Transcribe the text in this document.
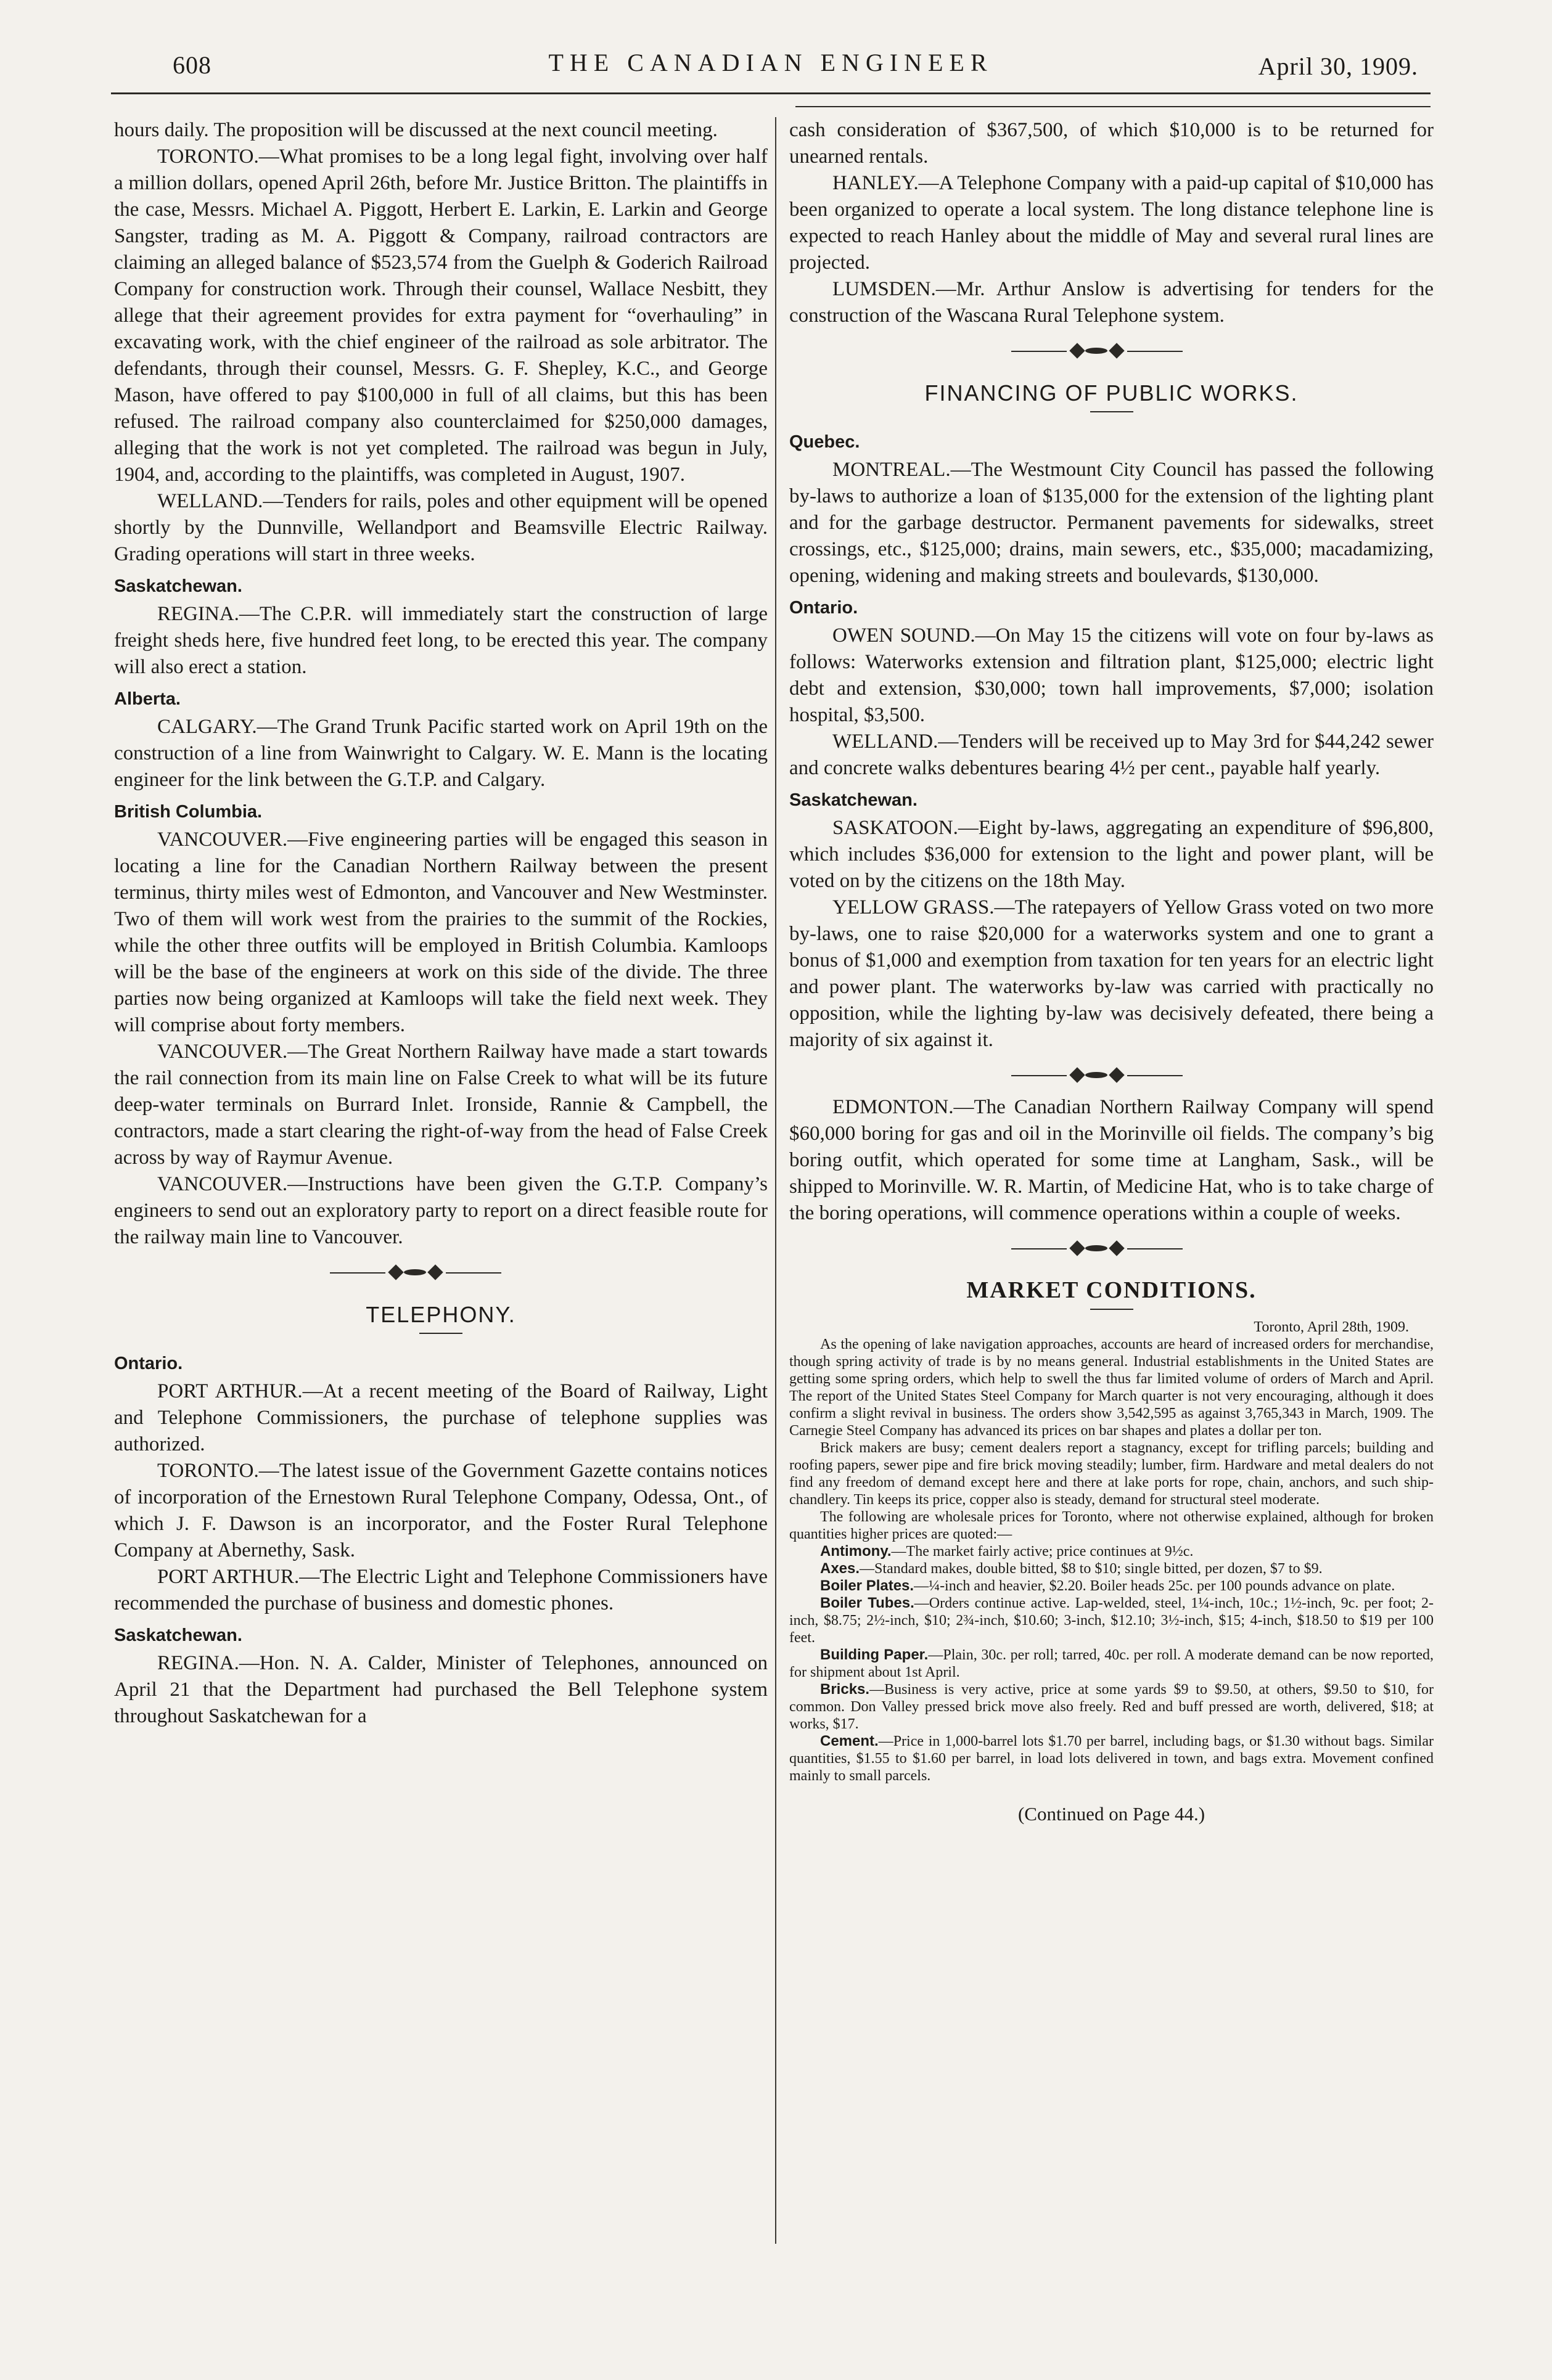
608	THE CANADIAN ENGINEER	April 30, 1909.

hours daily. The proposition will be discussed at the next council meeting.

TORONTO.—What promises to be a long legal fight, involving over half a million dollars, opened April 26th, before Mr. Justice Britton. The plaintiffs in the case, Messrs. Michael A. Piggott, Herbert E. Larkin, E. Larkin and George Sangster, trading as M. A. Piggott & Company, railroad contractors are claiming an alleged balance of $523,574 from the Guelph & Goderich Railroad Company for construction work. Through their counsel, Wallace Nesbitt, they allege that their agreement provides for extra payment for “overhauling” in excavating work, with the chief engineer of the railroad as sole arbitrator. The defendants, through their counsel, Messrs. G. F. Shepley, K.C., and George Mason, have offered to pay $100,000 in full of all claims, but this has been refused. The railroad company also counterclaimed for $250,000 damages, alleging that the work is not yet completed. The railroad was begun in July, 1904, and, according to the plaintiffs, was completed in August, 1907.

WELLAND.—Tenders for rails, poles and other equipment will be opened shortly by the Dunnville, Wellandport and Beamsville Electric Railway. Grading operations will start in three weeks.

Saskatchewan.

REGINA.—The C.P.R. will immediately start the construction of large freight sheds here, five hundred feet long, to be erected this year. The company will also erect a station.

Alberta.

CALGARY.—The Grand Trunk Pacific started work on April 19th on the construction of a line from Wainwright to Calgary. W. E. Mann is the locating engineer for the link between the G.T.P. and Calgary.

British Columbia.

VANCOUVER.—Five engineering parties will be engaged this season in locating a line for the Canadian Northern Railway between the present terminus, thirty miles west of Edmonton, and Vancouver and New Westminster. Two of them will work west from the prairies to the summit of the Rockies, while the other three outfits will be employed in British Columbia. Kamloops will be the base of the engineers at work on this side of the divide. The three parties now being organized at Kamloops will take the field next week. They will comprise about forty members.

VANCOUVER.—The Great Northern Railway have made a start towards the rail connection from its main line on False Creek to what will be its future deep-water terminals on Burrard Inlet. Ironside, Rannie & Campbell, the contractors, made a start clearing the right-of-way from the head of False Creek across by way of Raymur Avenue.

VANCOUVER.—Instructions have been given the G.T.P. Company’s engineers to send out an exploratory party to report on a direct feasible route for the railway main line to Vancouver.

TELEPHONY.
Ontario.

PORT ARTHUR.—At a recent meeting of the Board of Railway, Light and Telephone Commissioners, the purchase of telephone supplies was authorized.

TORONTO.—The latest issue of the Government Gazette contains notices of incorporation of the Ernestown Rural Telephone Company, Odessa, Ont., of which J. F. Dawson is an incorporator, and the Foster Rural Telephone Company at Abernethy, Sask.

PORT ARTHUR.—The Electric Light and Telephone Commissioners have recommended the purchase of business and domestic phones.

Saskatchewan.

REGINA.—Hon. N. A. Calder, Minister of Telephones, announced on April 21 that the Department had purchased the Bell Telephone system throughout Saskatchewan for a

cash consideration of $367,500, of which $10,000 is to be returned for unearned rentals.

HANLEY.—A Telephone Company with a paid-up capital of $10,000 has been organized to operate a local system. The long distance telephone line is expected to reach Hanley about the middle of May and several rural lines are projected.

LUMSDEN.—Mr. Arthur Anslow is advertising for tenders for the construction of the Wascana Rural Telephone system.

FINANCING OF PUBLIC WORKS.
Quebec.

MONTREAL.—The Westmount City Council has passed the following by-laws to authorize a loan of $135,000 for the extension of the lighting plant and for the garbage destructor. Permanent pavements for sidewalks, street crossings, etc., $125,000; drains, main sewers, etc., $35,000; macadamizing, opening, widening and making streets and boulevards, $130,000.

Ontario.

OWEN SOUND.—On May 15 the citizens will vote on four by-laws as follows: Waterworks extension and filtration plant, $125,000; electric light debt and extension, $30,000; town hall improvements, $7,000; isolation hospital, $3,500.

WELLAND.—Tenders will be received up to May 3rd for $44,242 sewer and concrete walks debentures bearing 4½ per cent., payable half yearly.

Saskatchewan.

SASKATOON.—Eight by-laws, aggregating an expenditure of $96,800, which includes $36,000 for extension to the light and power plant, will be voted on by the citizens on the 18th May.

YELLOW GRASS.—The ratepayers of Yellow Grass voted on two more by-laws, one to raise $20,000 for a waterworks system and one to grant a bonus of $1,000 and exemption from taxation for ten years for an electric light and power plant. The waterworks by-law was carried with practically no opposition, while the lighting by-law was decisively defeated, there being a majority of six against it.

EDMONTON.—The Canadian Northern Railway Company will spend $60,000 boring for gas and oil in the Morinville oil fields. The company’s big boring outfit, which operated for some time at Langham, Sask., will be shipped to Morinville. W. R. Martin, of Medicine Hat, who is to take charge of the boring operations, will commence operations within a couple of weeks.

MARKET CONDITIONS.

Toronto, April 28th, 1909.

As the opening of lake navigation approaches, accounts are heard of increased orders for merchandise, though spring activity of trade is by no means general. Industrial establishments in the United States are getting some spring orders, which help to swell the thus far limited volume of orders of March and April. The report of the United States Steel Company for March quarter is not very encouraging, although it does confirm a slight revival in business. The orders show 3,542,595 as against 3,765,343 in March, 1909. The Carnegie Steel Company has advanced its prices on bar shapes and plates a dollar per ton.

Brick makers are busy; cement dealers report a stagnancy, except for trifling parcels; building and roofing papers, sewer pipe and fire brick moving steadily; lumber, firm. Hardware and metal dealers do not find any freedom of demand except here and there at lake ports for rope, chain, anchors, and such ship-chandlery. Tin keeps its price, copper also is steady, demand for structural steel moderate.

The following are wholesale prices for Toronto, where not otherwise explained, although for broken quantities higher prices are quoted:—

Antimony.—The market fairly active; price continues at 9½c.

Axes.—Standard makes, double bitted, $8 to $10; single bitted, per dozen, $7 to $9.

Boiler Plates.—¼-inch and heavier, $2.20. Boiler heads 25c. per 100 pounds advance on plate.

Boiler Tubes.—Orders continue active. Lap-welded, steel, 1¼-inch, 10c.; 1½-inch, 9c. per foot; 2-inch, $8.75; 2½-inch, $10; 2¾-inch, $10.60; 3-inch, $12.10; 3½-inch, $15; 4-inch, $18.50 to $19 per 100 feet.

Building Paper.—Plain, 30c. per roll; tarred, 40c. per roll. A moderate demand can be now reported, for shipment about 1st April.

Bricks.—Business is very active, price at some yards $9 to $9.50, at others, $9.50 to $10, for common. Don Valley pressed brick move also freely. Red and buff pressed are worth, delivered, $18; at works, $17.

Cement.—Price in 1,000-barrel lots $1.70 per barrel, including bags, or $1.30 without bags. Similar quantities, $1.55 to $1.60 per barrel, in load lots delivered in town, and bags extra. Movement confined mainly to small parcels.

(Continued on Page 44.)
